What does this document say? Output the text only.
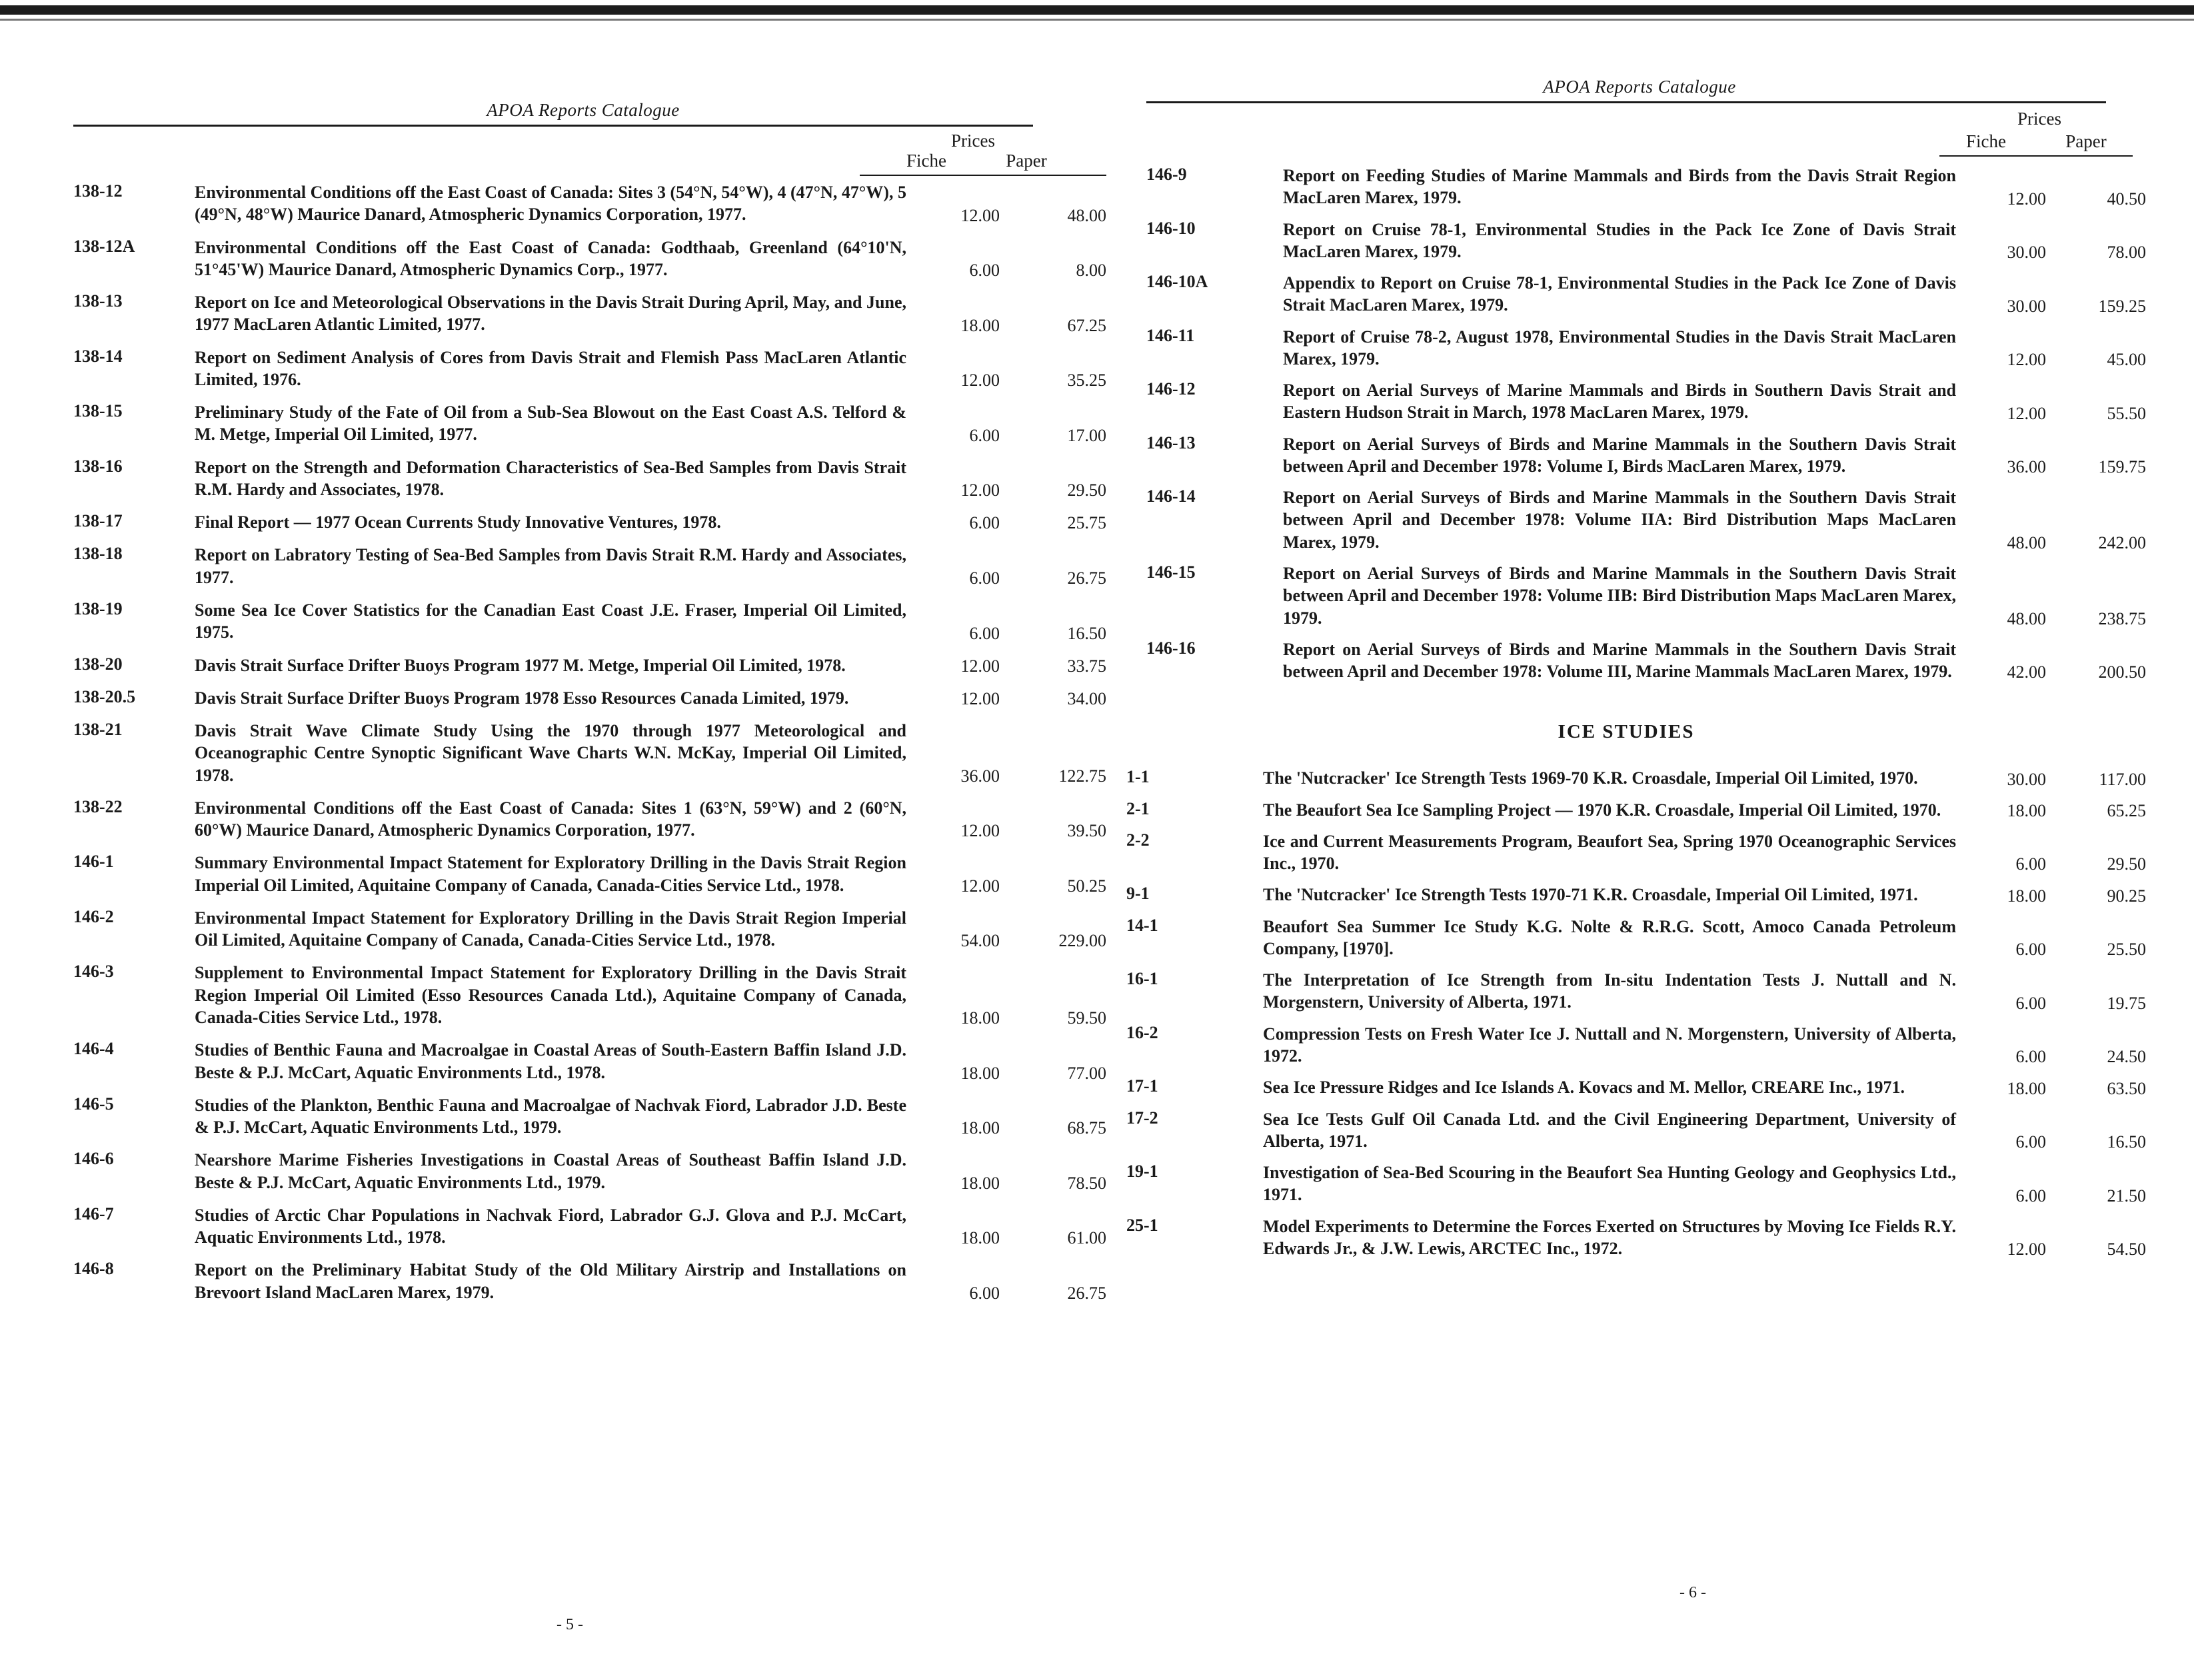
APOA Reports Catalogue
Prices
Fiche	Paper
138-12	Environmental Conditions off the East Coast of Canada: Sites 3 (54°N, 54°W), 4 (47°N, 47°W), 5 (49°N, 48°W) Maurice Danard, Atmospheric Dynamics Corporation, 1977.	12.00	48.00
138-12A	Environmental Conditions off the East Coast of Canada: Godthaab, Greenland (64°10'N, 51°45'W) Maurice Danard, Atmospheric Dynamics Corp., 1977.	6.00	8.00
138-13	Report on Ice and Meteorological Observations in the Davis Strait During April, May, and June, 1977 MacLaren Atlantic Limited, 1977.	18.00	67.25
138-14	Report on Sediment Analysis of Cores from Davis Strait and Flemish Pass MacLaren Atlantic Limited, 1976.	12.00	35.25
138-15	Preliminary Study of the Fate of Oil from a Sub-Sea Blowout on the East Coast A.S. Telford & M. Metge, Imperial Oil Limited, 1977.	6.00	17.00
138-16	Report on the Strength and Deformation Characteristics of Sea-Bed Samples from Davis Strait R.M. Hardy and Associates, 1978.	12.00	29.50
138-17	Final Report — 1977 Ocean Currents Study Innovative Ventures, 1978.	6.00	25.75
138-18	Report on Labratory Testing of Sea-Bed Samples from Davis Strait R.M. Hardy and Associates, 1977.	6.00	26.75
138-19	Some Sea Ice Cover Statistics for the Canadian East Coast J.E. Fraser, Imperial Oil Limited, 1975.	6.00	16.50
138-20	Davis Strait Surface Drifter Buoys Program 1977 M. Metge, Imperial Oil Limited, 1978.	12.00	33.75
138-20.5	Davis Strait Surface Drifter Buoys Program 1978 Esso Resources Canada Limited, 1979.	12.00	34.00
138-21	Davis Strait Wave Climate Study Using the 1970 through 1977 Meteorological and Oceanographic Centre Synoptic Significant Wave Charts W.N. McKay, Imperial Oil Limited, 1978.	36.00	122.75
138-22	Environmental Conditions off the East Coast of Canada: Sites 1 (63°N, 59°W) and 2 (60°N, 60°W) Maurice Danard, Atmospheric Dynamics Corporation, 1977.	12.00	39.50
146-1	Summary Environmental Impact Statement for Exploratory Drilling in the Davis Strait Region Imperial Oil Limited, Aquitaine Company of Canada, Canada-Cities Service Ltd., 1978.	12.00	50.25
146-2	Environmental Impact Statement for Exploratory Drilling in the Davis Strait Region Imperial Oil Limited, Aquitaine Company of Canada, Canada-Cities Service Ltd., 1978.	54.00	229.00
146-3	Supplement to Environmental Impact Statement for Exploratory Drilling in the Davis Strait Region Imperial Oil Limited (Esso Resources Canada Ltd.), Aquitaine Company of Canada, Canada-Cities Service Ltd., 1978.	18.00	59.50
146-4	Studies of Benthic Fauna and Macroalgae in Coastal Areas of South-Eastern Baffin Island J.D. Beste & P.J. McCart, Aquatic Environments Ltd., 1978.	18.00	77.00
146-5	Studies of the Plankton, Benthic Fauna and Macroalgae of Nachvak Fiord, Labrador J.D. Beste & P.J. McCart, Aquatic Environments Ltd., 1979.	18.00	68.75
146-6	Nearshore Marime Fisheries Investigations in Coastal Areas of Southeast Baffin Island J.D. Beste & P.J. McCart, Aquatic Environments Ltd., 1979.	18.00	78.50
146-7	Studies of Arctic Char Populations in Nachvak Fiord, Labrador G.J. Glova and P.J. McCart, Aquatic Environments Ltd., 1978.	18.00	61.00
146-8	Report on the Preliminary Habitat Study of the Old Military Airstrip and Installations on Brevoort Island MacLaren Marex, 1979.	6.00	26.75
- 5 -
APOA Reports Catalogue
Prices
Fiche	Paper
146-9	Report on Feeding Studies of Marine Mammals and Birds from the Davis Strait Region MacLaren Marex, 1979.	12.00	40.50
146-10	Report on Cruise 78-1, Environmental Studies in the Pack Ice Zone of Davis Strait MacLaren Marex, 1979.	30.00	78.00
146-10A	Appendix to Report on Cruise 78-1, Environmental Studies in the Pack Ice Zone of Davis Strait MacLaren Marex, 1979.	30.00	159.25
146-11	Report of Cruise 78-2, August 1978, Environmental Studies in the Davis Strait MacLaren Marex, 1979.	12.00	45.00
146-12	Report on Aerial Surveys of Marine Mammals and Birds in Southern Davis Strait and Eastern Hudson Strait in March, 1978 MacLaren Marex, 1979.	12.00	55.50
146-13	Report on Aerial Surveys of Birds and Marine Mammals in the Southern Davis Strait between April and December 1978: Volume I, Birds MacLaren Marex, 1979.	36.00	159.75
146-14	Report on Aerial Surveys of Birds and Marine Mammals in the Southern Davis Strait between April and December 1978: Volume IIA: Bird Distribution Maps MacLaren Marex, 1979.	48.00	242.00
146-15	Report on Aerial Surveys of Birds and Marine Mammals in the Southern Davis Strait between April and December 1978: Volume IIB: Bird Distribution Maps MacLaren Marex, 1979.	48.00	238.75
146-16	Report on Aerial Surveys of Birds and Marine Mammals in the Southern Davis Strait between April and December 1978: Volume III, Marine Mammals MacLaren Marex, 1979.	42.00	200.50
ICE STUDIES
1-1	The 'Nutcracker' Ice Strength Tests 1969-70 K.R. Croasdale, Imperial Oil Limited, 1970.	30.00	117.00
2-1	The Beaufort Sea Ice Sampling Project — 1970 K.R. Croasdale, Imperial Oil Limited, 1970.	18.00	65.25
2-2	Ice and Current Measurements Program, Beaufort Sea, Spring 1970 Oceanographic Services Inc., 1970.	6.00	29.50
9-1	The 'Nutcracker' Ice Strength Tests 1970-71 K.R. Croasdale, Imperial Oil Limited, 1971.	18.00	90.25
14-1	Beaufort Sea Summer Ice Study K.G. Nolte & R.R.G. Scott, Amoco Canada Petroleum Company, [1970].	6.00	25.50
16-1	The Interpretation of Ice Strength from In-situ Indentation Tests J. Nuttall and N. Morgenstern, University of Alberta, 1971.	6.00	19.75
16-2	Compression Tests on Fresh Water Ice J. Nuttall and N. Morgenstern, University of Alberta, 1972.	6.00	24.50
17-1	Sea Ice Pressure Ridges and Ice Islands A. Kovacs and M. Mellor, CREARE Inc., 1971.	18.00	63.50
17-2	Sea Ice Tests Gulf Oil Canada Ltd. and the Civil Engineering Department, University of Alberta, 1971.	6.00	16.50
19-1	Investigation of Sea-Bed Scouring in the Beaufort Sea Hunting Geology and Geophysics Ltd., 1971.	6.00	21.50
25-1	Model Experiments to Determine the Forces Exerted on Structures by Moving Ice Fields R.Y. Edwards Jr., & J.W. Lewis, ARCTEC Inc., 1972.	12.00	54.50
- 6 -
